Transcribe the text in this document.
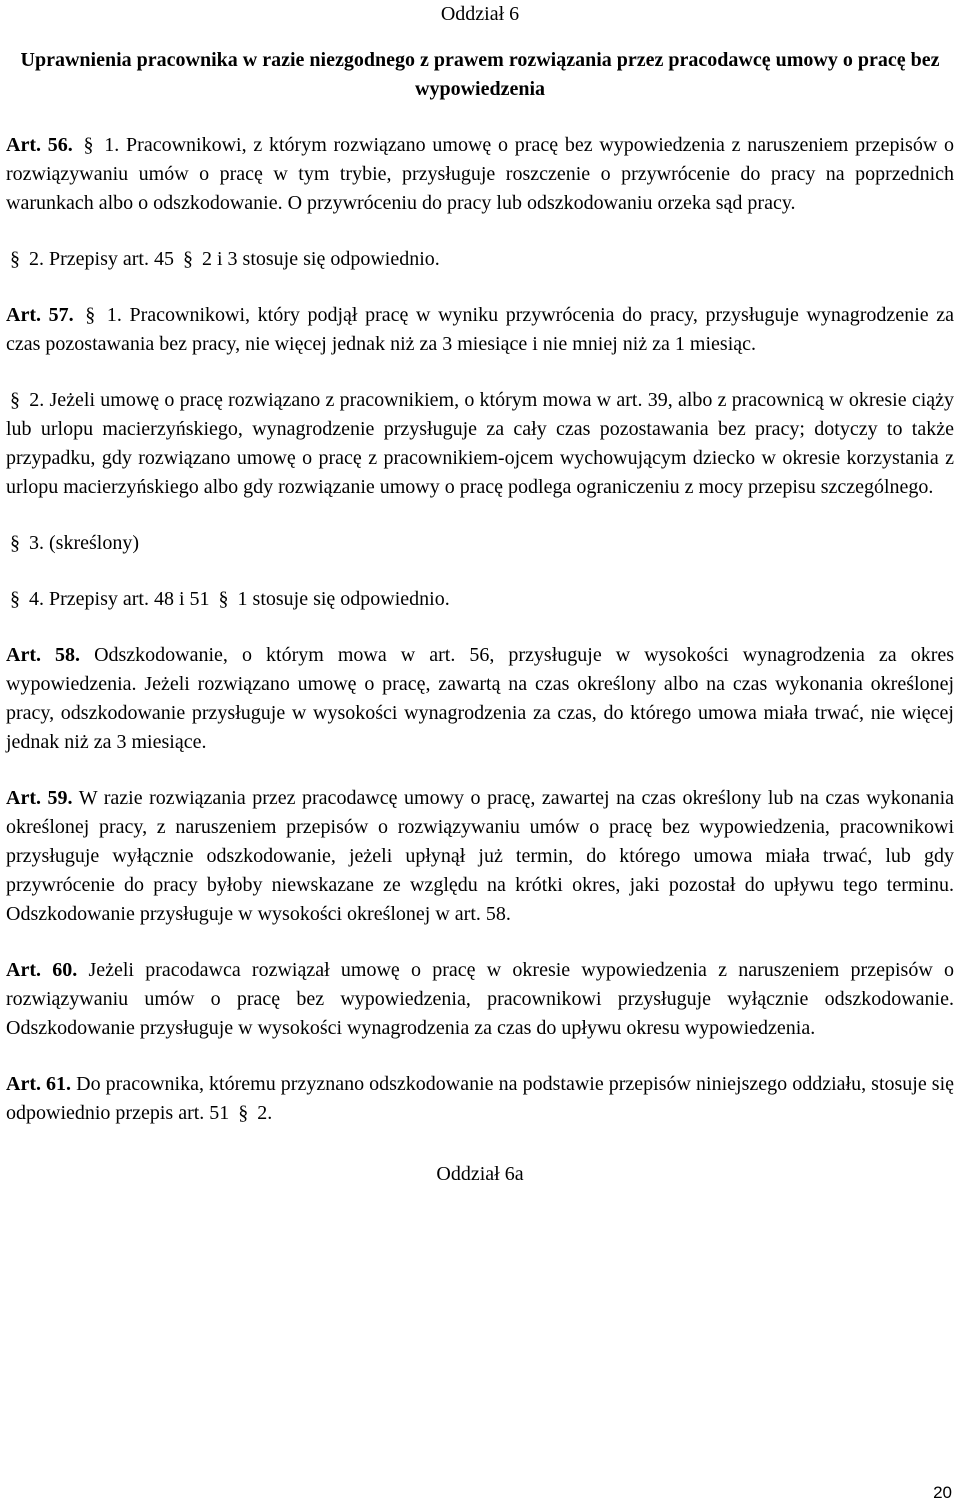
Oddział 6

Uprawnienia pracownika w razie niezgodnego z prawem rozwiązania przez pracodawcę umowy o pracę bez wypowiedzenia

Art. 56. § 1. Pracownikowi, z którym rozwiązano umowę o pracę bez wypowiedzenia z naruszeniem przepisów o rozwiązywaniu umów o pracę w tym trybie, przysługuje roszczenie o przywrócenie do pracy na poprzednich warunkach albo o odszkodowanie. O przywróceniu do pracy lub odszkodowaniu orzeka sąd pracy.

§ 2. Przepisy art. 45 § 2 i 3 stosuje się odpowiednio.

Art. 57. § 1. Pracownikowi, który podjął pracę w wyniku przywrócenia do pracy, przysługuje wynagrodzenie za czas pozostawania bez pracy, nie więcej jednak niż za 3 miesiące i nie mniej niż za 1 miesiąc.

§ 2. Jeżeli umowę o pracę rozwiązano z pracownikiem, o którym mowa w art. 39, albo z pracownicą w okresie ciąży lub urlopu macierzyńskiego, wynagrodzenie przysługuje za cały czas pozostawania bez pracy; dotyczy to także przypadku, gdy rozwiązano umowę o pracę z pracownikiem-ojcem wychowującym dziecko w okresie korzystania z urlopu macierzyńskiego albo gdy rozwiązanie umowy o pracę podlega ograniczeniu z mocy przepisu szczególnego.

§ 3. (skreślony)

§ 4. Przepisy art. 48 i 51 § 1 stosuje się odpowiednio.

Art. 58. Odszkodowanie, o którym mowa w art. 56, przysługuje w wysokości wynagrodzenia za okres wypowiedzenia. Jeżeli rozwiązano umowę o pracę, zawartą na czas określony albo na czas wykonania określonej pracy, odszkodowanie przysługuje w wysokości wynagrodzenia za czas, do którego umowa miała trwać, nie więcej jednak niż za 3 miesiące.

Art. 59. W razie rozwiązania przez pracodawcę umowy o pracę, zawartej na czas określony lub na czas wykonania określonej pracy, z naruszeniem przepisów o rozwiązywaniu umów o pracę bez wypowiedzenia, pracownikowi przysługuje wyłącznie odszkodowanie, jeżeli upłynął już termin, do którego umowa miała trwać, lub gdy przywrócenie do pracy byłoby niewskazane ze względu na krótki okres, jaki pozostał do upływu tego terminu. Odszkodowanie przysługuje w wysokości określonej w art. 58.

Art. 60. Jeżeli pracodawca rozwiązał umowę o pracę w okresie wypowiedzenia z naruszeniem przepisów o rozwiązywaniu umów o pracę bez wypowiedzenia, pracownikowi przysługuje wyłącznie odszkodowanie. Odszkodowanie przysługuje w wysokości wynagrodzenia za czas do upływu okresu wypowiedzenia.

Art. 61. Do pracownika, któremu przyznano odszkodowanie na podstawie przepisów niniejszego oddziału, stosuje się odpowiednio przepis art. 51 § 2.

Oddział 6a

20
